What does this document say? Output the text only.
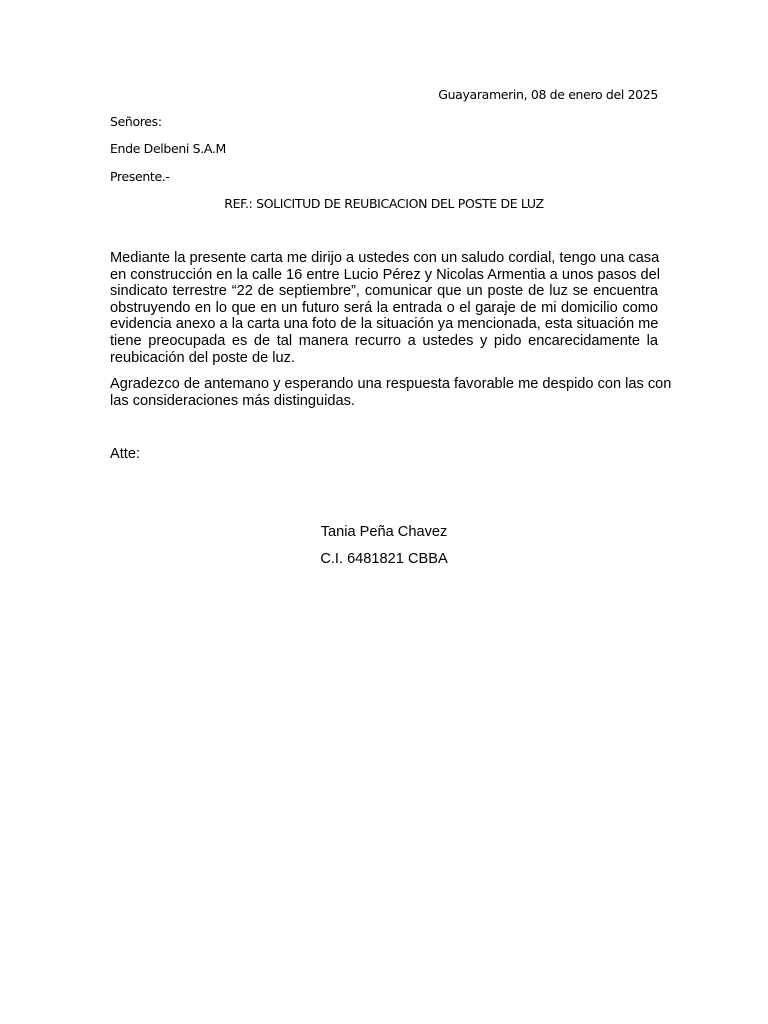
Guayaramerin, 08 de enero del 2025

Señores:

Ende Delbeni S.A.M

Presente.-

REF.: SOLICITUD DE REUBICACION DEL POSTE DE LUZ

Mediante la presente carta me dirijo a ustedes con un saludo cordial, tengo una casa
en construcción en la calle 16 entre Lucio Pérez y Nicolas Armentia a unos pasos del
sindicato terrestre “22 de septiembre”, comunicar que un poste de luz se encuentra
obstruyendo en lo que en un futuro será la entrada o el garaje de mi domicilio como
evidencia anexo a la carta una foto de la situación ya mencionada, esta situación me
tiene preocupada es de tal manera recurro a ustedes y pido encarecidamente la
reubicación del poste de luz.
Agradezco de antemano y esperando una respuesta favorable me despido con las con
las consideraciones más distinguidas.

Atte:

Tania Peña Chavez

C.I. 6481821 CBBA
